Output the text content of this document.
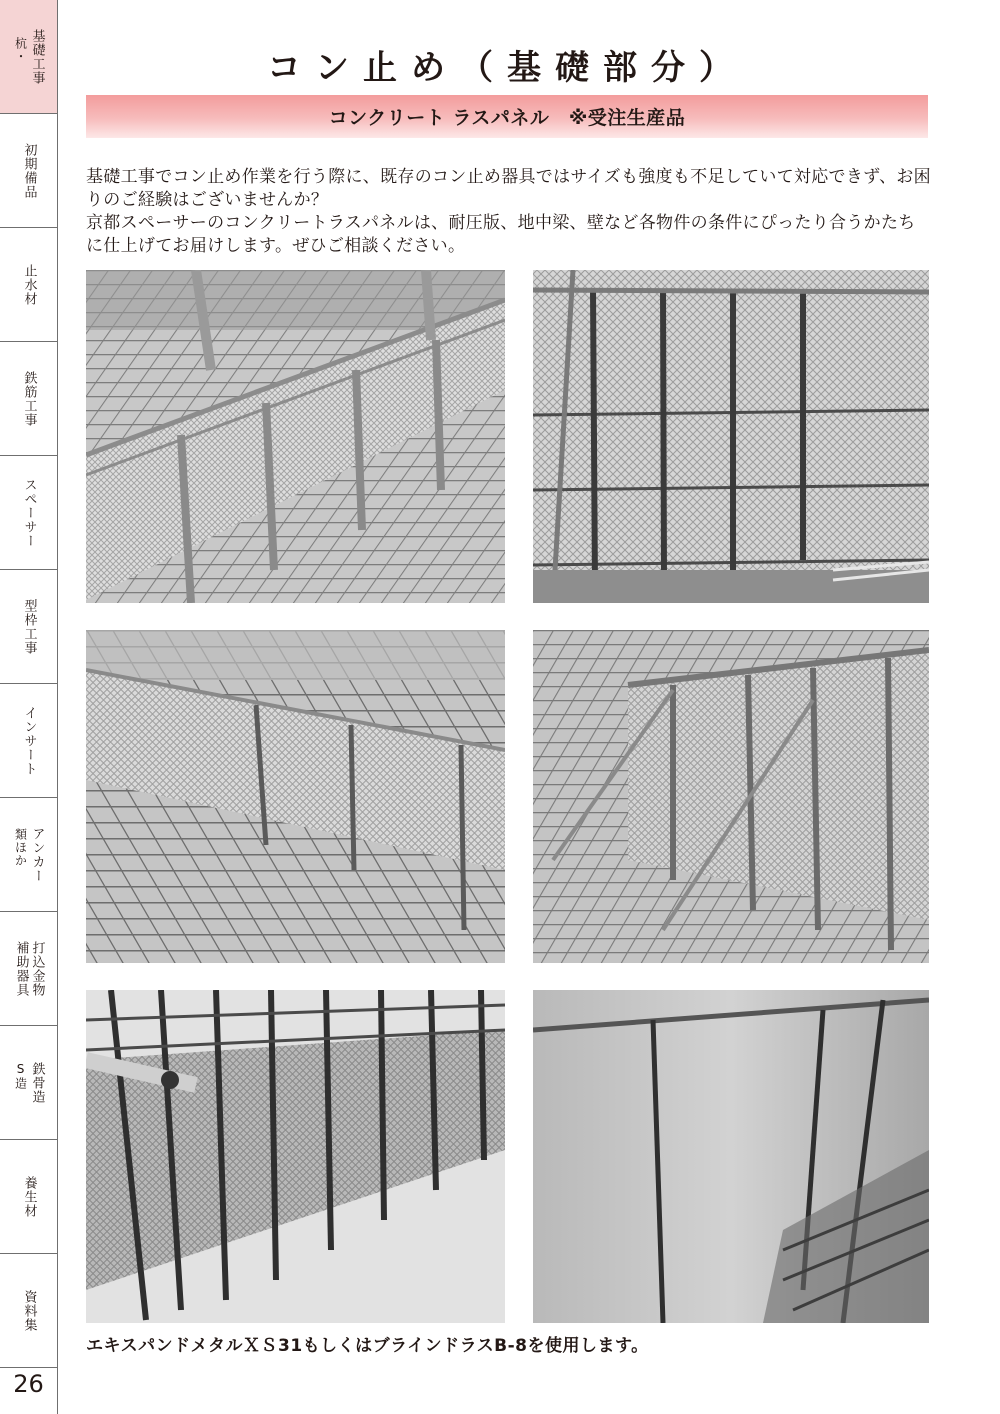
基礎工事
杭・
初期備品
止水材
鉄筋工事
スペーサー
型枠工事
インサート
アンカー
類ほか
打込金物
補助器具
鉄骨造
S造
養生材
資料集
26
コン止め（基礎部分）
コンクリート ラスパネル　※受注生産品

基礎工事でコン止め作業を行う際に、既存のコン止め器具ではサイズも強度も不足していて対応できず、お困りのご経験はございませんか？

京都スペーサーのコンクリートラスパネルは、耐圧版、地中梁、壁など各物件の条件にぴったり合うかたちに仕上げてお届けします。ぜひご相談ください。

エキスパンドメタルＸＳ31もしくはブラインドラスB-8を使用します。
